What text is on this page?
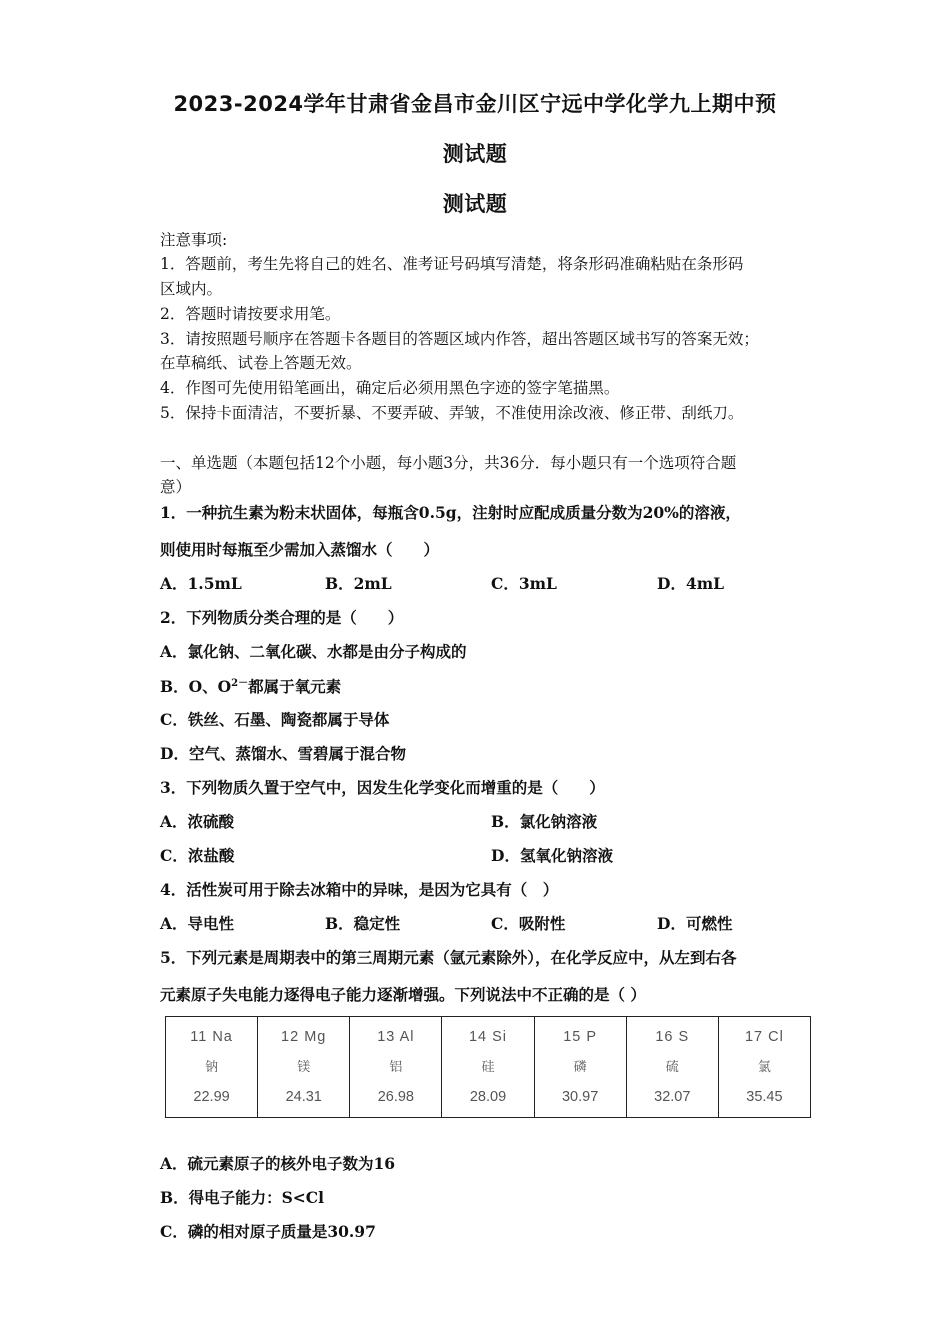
2023-2024学年甘肃省金昌市金川区宁远中学化学九上期中预
测试题
测试题
注意事项:
1．答题前，考生先将自己的姓名、准考证号码填写清楚，将条形码准确粘贴在条形码
区域内。
2．答题时请按要求用笔。
3．请按照题号顺序在答题卡各题目的答题区域内作答，超出答题区域书写的答案无效；
在草稿纸、试卷上答题无效。
4．作图可先使用铅笔画出，确定后必须用黑色字迹的签字笔描黑。
5．保持卡面清洁，不要折暴、不要弄破、弄皱，不准使用涂改液、修正带、刮纸刀。
一、单选题（本题包括12个小题，每小题3分，共36分．每小题只有一个选项符合题
意）
1．一种抗生素为粉末状固体，每瓶含0.5g，注射时应配成质量分数为20%的溶液，
则使用时每瓶至少需加入蒸馏水（　　）
A．1.5mL	B．2mL	C．3mL	D．4mL
2．下列物质分类合理的是（　　）
A．氯化钠、二氧化碳、水都是由分子构成的
B．O、$O^{2-}$都属于氧元素
C．铁丝、石墨、陶瓷都属于导体
D．空气、蒸馏水、雪碧属于混合物
3．下列物质久置于空气中，因发生化学变化而增重的是（　　）
A．浓硫酸	B．氯化钠溶液
C．浓盐酸	D．氢氧化钠溶液
4．活性炭可用于除去冰箱中的异味，是因为它具有（　）
A．导电性	B．稳定性	C．吸附性	D．可燃性
5．下列元素是周期表中的第三周期元素（氩元素除外），在化学反应中，从左到右各
元素原子失电能力逐得电子能力逐渐增强。下列说法中不正确的是（ ）
11 Na
钠
22.99

12 Mg
镁
24.31

13 Al
铝
26.98

14 Si
硅
28.09

15 P
磷
30.97

16 S
硫
32.07

17 Cl
氯
35.45
A．硫元素原子的核外电子数为16
B．得电子能力：S<Cl
C．磷的相对原子质量是30.97
